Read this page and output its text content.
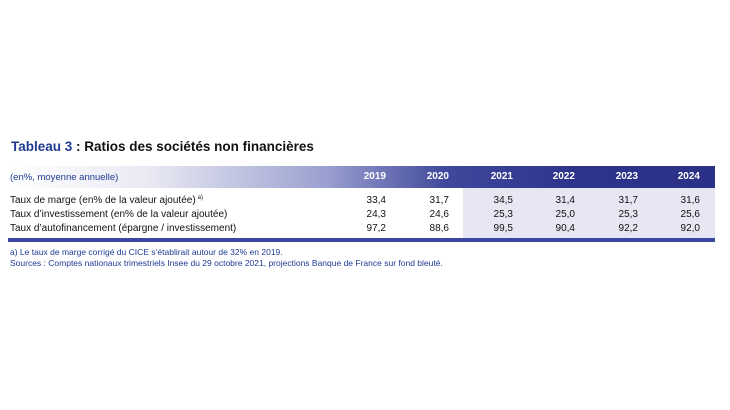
Tableau 3 : Ratios des sociétés non financières
(en%, moyenne annuelle)	2019	2020	2021	2022	2023	2024
Taux de marge (en% de la valeur ajoutée) $^{a)}$	33,4	31,7	34,5	31,4	31,7	31,6
Taux d’investissement (en% de la valeur ajoutée)	24,3	24,6	25,3	25,0	25,3	25,6
Taux d’autofinancement (épargne / investissement)	97,2	88,6	99,5	90,4	92,2	92,0
a) Le taux de marge corrigé du CICE s’établirait autour de 32% en 2019.
Sources : Comptes nationaux trimestriels Insee du 29 octobre 2021, projections Banque de France sur fond bleuté.
